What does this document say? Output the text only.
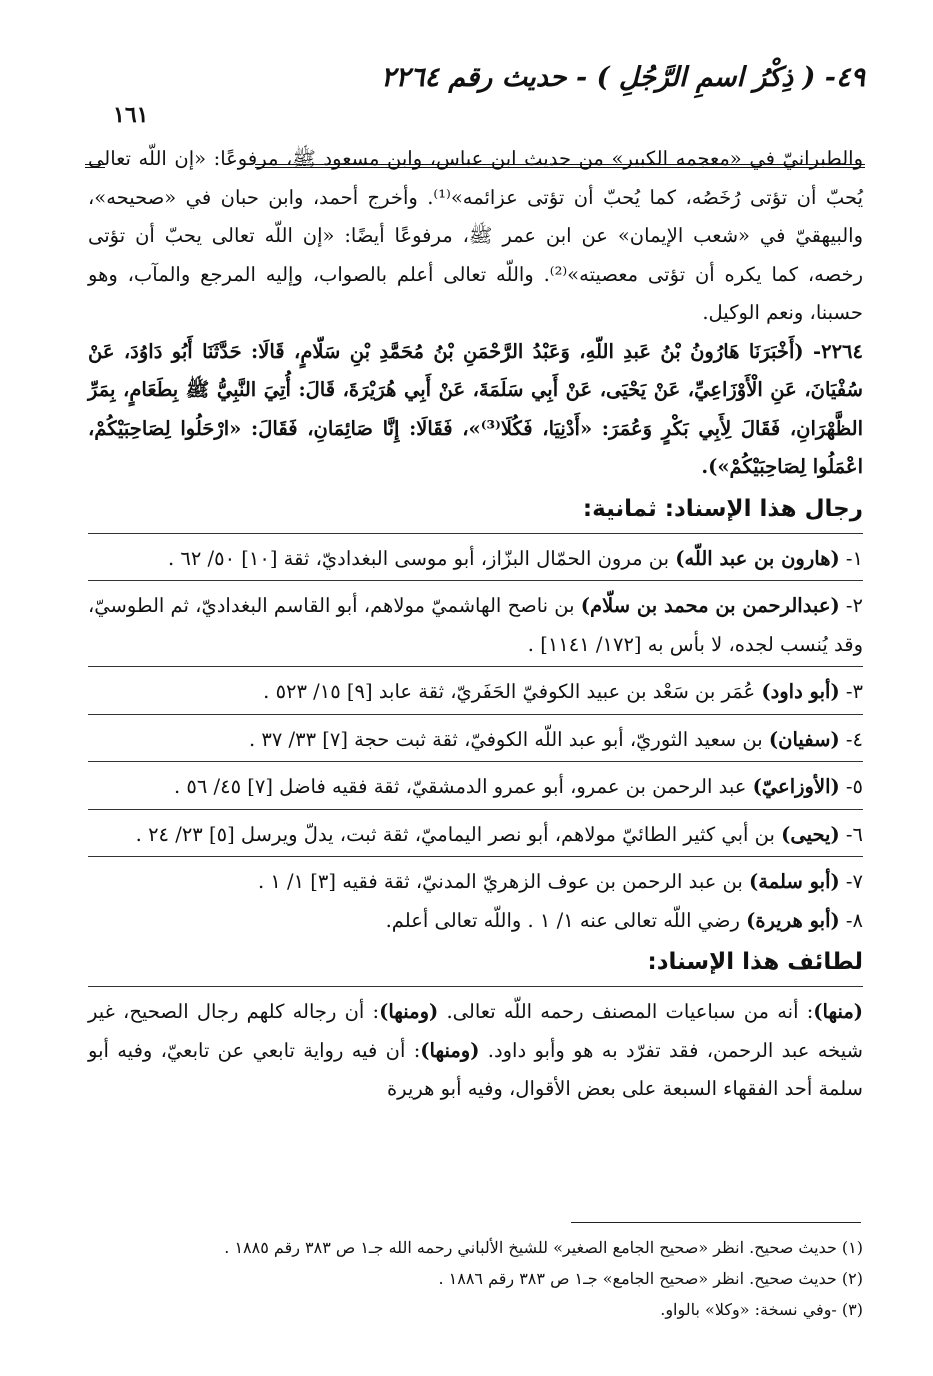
٤٩- ( ذِكْرُ اسمِ الرَّجُلِ ) - حديث رقم ٢٢٦٤
١٦١

والطبرانيّ في «معجمه الكبير» من حديث ابن عباس، وابن مسعود ﷺ، مرفوعًا: «إن اللّه تعالى يُحبّ أن تؤتى رُخَصُه، كما يُحبّ أن تؤتى عزائمه»⁽¹⁾. وأخرج أحمد، وابن حبان في «صحيحه»، والبيهقيّ في «شعب الإيمان» عن ابن عمر ﷺ، مرفوعًا أيضًا: «إن اللّه تعالى يحبّ أن تؤتى رخصه، كما يكره أن تؤتى معصيته»⁽²⁾. واللّه تعالى أعلم بالصواب، وإليه المرجع والمآب، وهو حسبنا، ونعم الوكيل.

٢٢٦٤- (أَخْبَرَنَا هَارُونُ بْنُ عَبدِ اللّهِ، وَعَبْدُ الرَّحْمَنِ بْنُ مُحَمَّدِ بْنِ سَلّامٍ، قَالَا: حَدَّثَنَا أَبُو دَاوُدَ، عَنْ سُفْيَانَ، عَنِ الْأَوْزَاعِيِّ، عَنْ يَحْيَى، عَنْ أَبِي سَلَمَةَ، عَنْ أَبِي هُرَيْرَةَ، قَالَ: أُتِيَ النَّبِيُّ ﷺ بِطَعَامٍ، بِمَرِّ الظَّهْرَانِ، فَقَالَ لِأَبِي بَكْرٍ وَعُمَرَ: «أَدْنِيَا، فَكُلَا⁽³⁾»، فَقَالَا: إِنَّا صَائِمَانِ، فَقَالَ: «ارْحَلُوا لِصَاحِبَيْكُمْ، اعْمَلُوا لِصَاحِبَيْكُمْ»).

رجال هذا الإسناد: ثمانية:

١- (هارون بن عبد اللّه) بن مرون الحمّال البزّاز، أبو موسى البغداديّ، ثقة [١٠] ٥٠/ ٦٢ .

٢- (عبدالرحمن بن محمد بن سلّام) بن ناصح الهاشميّ مولاهم، أبو القاسم البغداديّ، ثم الطوسيّ، وقد يُنسب لجده، لا بأس به [١٧٢/ ١١٤١] .

٣- (أبو داود) عُمَر بن سَعْد بن عبيد الكوفيّ الحَفَريّ، ثقة عابد [٩] ١٥/ ٥٢٣ .

٤- (سفيان) بن سعيد الثوريّ، أبو عبد اللّه الكوفيّ، ثقة ثبت حجة [٧] ٣٣/ ٣٧ .

٥- (الأوزاعيّ) عبد الرحمن بن عمرو، أبو عمرو الدمشقيّ، ثقة فقيه فاضل [٧] ٤٥/ ٥٦ .

٦- (يحيى) بن أبي كثير الطائيّ مولاهم، أبو نصر اليماميّ، ثقة ثبت، يدلّ ويرسل [٥] ٢٣/ ٢٤ .

٧- (أبو سلمة) بن عبد الرحمن بن عوف الزهريّ المدنيّ، ثقة فقيه [٣] ١/ ١ .

٨- (أبو هريرة) رضي اللّه تعالى عنه ١/ ١ . واللّه تعالى أعلم.

لطائف هذا الإسناد:

(منها): أنه من سباعيات المصنف رحمه اللّه تعالى. (ومنها): أن رجاله كلهم رجال الصحيح، غير شيخه عبد الرحمن، فقد تفرّد به هو وأبو داود. (ومنها): أن فيه رواية تابعي عن تابعيّ، وفيه أبو سلمة أحد الفقهاء السبعة على بعض الأقوال، وفيه أبو هريرة

(١) حديث صحيح. انظر «صحيح الجامع الصغير» للشيخ الألباني رحمه الله جـ١ ص ٣٨٣ رقم ١٨٨٥ .

(٢) حديث صحيح. انظر «صحيح الجامع» جـ١ ص ٣٨٣ رقم ١٨٨٦ .

(٣) -وفي نسخة: «وكلا» بالواو.
